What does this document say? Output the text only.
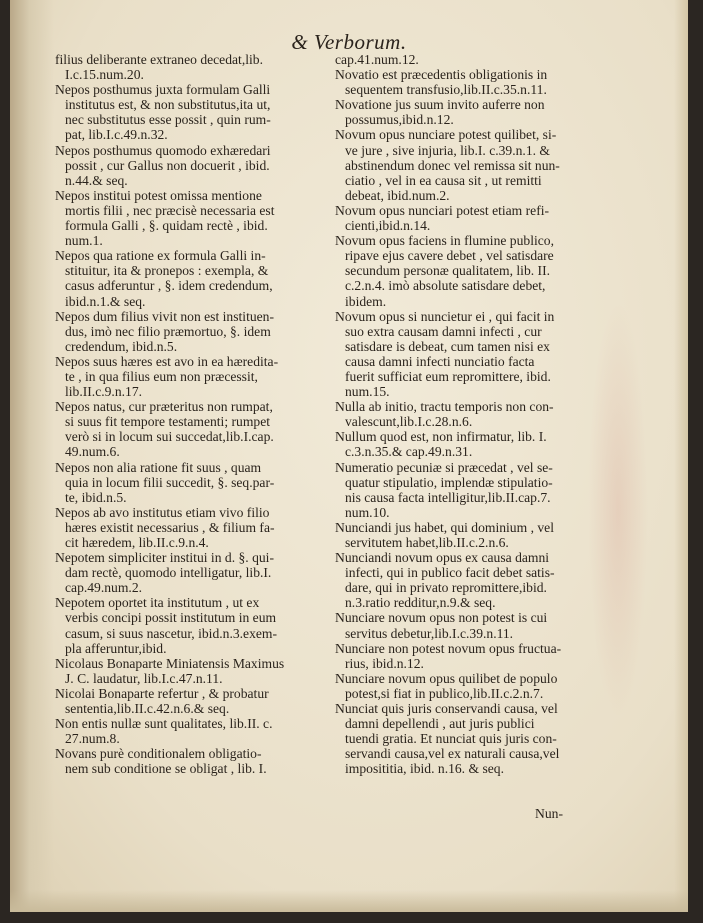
& Verborum.

filius deliberante extraneo decedat,lib.
I.c.15.num.20.

Nepos posthumus juxta formulam Galli
institutus est, & non substitutus,ita ut,
nec substitutus esse possit , quin rum-
pat, lib.I.c.49.n.32.

Nepos posthumus quomodo exhæredari
possit , cur Gallus non docuerit , ibid.
n.44.& seq.

Nepos institui potest omissa mentione
mortis filii , nec præcisè necessaria est
formula Galli , §. quidam rectè , ibid.
num.1.

Nepos qua ratione ex formula Galli in-
stituitur, ita & pronepos : exempla, &
casus adferuntur , §. idem credendum,
ibid.n.1.& seq.

Nepos dum filius vivit non est instituen-
dus, imò nec filio præmortuo, §. idem
credendum, ibid.n.5.

Nepos suus hæres est avo in ea hæredita-
te , in qua filius eum non præcessit,
lib.II.c.9.n.17.

Nepos natus, cur præteritus non rumpat,
si suus fit tempore testamenti; rumpet
verò si in locum sui succedat,lib.I.cap.
49.num.6.

Nepos non alia ratione fit suus , quam
quia in locum filii succedit, §. seq.par-
te, ibid.n.5.

Nepos ab avo institutus etiam vivo filio
hæres existit necessarius , & filium fa-
cit hæredem, lib.II.c.9.n.4.

Nepotem simpliciter institui in d. §. qui-
dam rectè, quomodo intelligatur, lib.I.
cap.49.num.2.

Nepotem oportet ita institutum , ut ex
verbis concipi possit institutum in eum
casum, si suus nascetur, ibid.n.3.exem-
pla afferuntur,ibid.

Nicolaus Bonaparte Miniatensis Maximus
J. C. laudatur, lib.I.c.47.n.11.

Nicolai Bonaparte refertur , & probatur
sententia,lib.II.c.42.n.6.& seq.

Non entis nullæ sunt qualitates, lib.II. c.
27.num.8.

Novans purè conditionalem obligatio-
nem sub conditione se obligat , lib. I.

cap.41.num.12.

Novatio est præcedentis obligationis in
sequentem transfusio,lib.II.c.35.n.11.

Novatione jus suum invito auferre non
possumus,ibid.n.12.

Novum opus nunciare potest quilibet, si-
ve jure , sive injuria, lib.I. c.39.n.1. &
abstinendum donec vel remissa sit nun-
ciatio , vel in ea causa sit , ut remitti
debeat, ibid.num.2.

Novum opus nunciari potest etiam refi-
cienti,ibid.n.14.

Novum opus faciens in flumine publico,
ripave ejus cavere debet , vel satisdare
secundum personæ qualitatem, lib. II.
c.2.n.4. imò absolute satisdare debet,
ibidem.

Novum opus si nuncietur ei , qui facit in
suo extra causam damni infecti , cur
satisdare is debeat, cum tamen nisi ex
causa damni infecti nunciatio facta
fuerit sufficiat eum repromittere, ibid.
num.15.

Nulla ab initio, tractu temporis non con-
valescunt,lib.I.c.28.n.6.

Nullum quod est, non infirmatur, lib. I.
c.3.n.35.& cap.49.n.31.

Numeratio pecuniæ si præcedat , vel se-
quatur stipulatio, implendæ stipulatio-
nis causa facta intelligitur,lib.II.cap.7.
num.10.

Nunciandi jus habet, qui dominium , vel
servitutem habet,lib.II.c.2.n.6.

Nunciandi novum opus ex causa damni
infecti, qui in publico facit debet satis-
dare, qui in privato repromittere,ibid.
n.3.ratio redditur,n.9.& seq.

Nunciare novum opus non potest is cui
servitus debetur,lib.I.c.39.n.11.

Nunciare non potest novum opus fructua-
rius, ibid.n.12.

Nunciare novum opus quilibet de populo
potest,si fiat in publico,lib.II.c.2.n.7.

Nunciat quis juris conservandi causa, vel
damni depellendi , aut juris publici
tuendi gratia. Et nunciat quis juris con-
servandi causa,vel ex naturali causa,vel
imposititia, ibid. n.16. & seq.

Nun-
